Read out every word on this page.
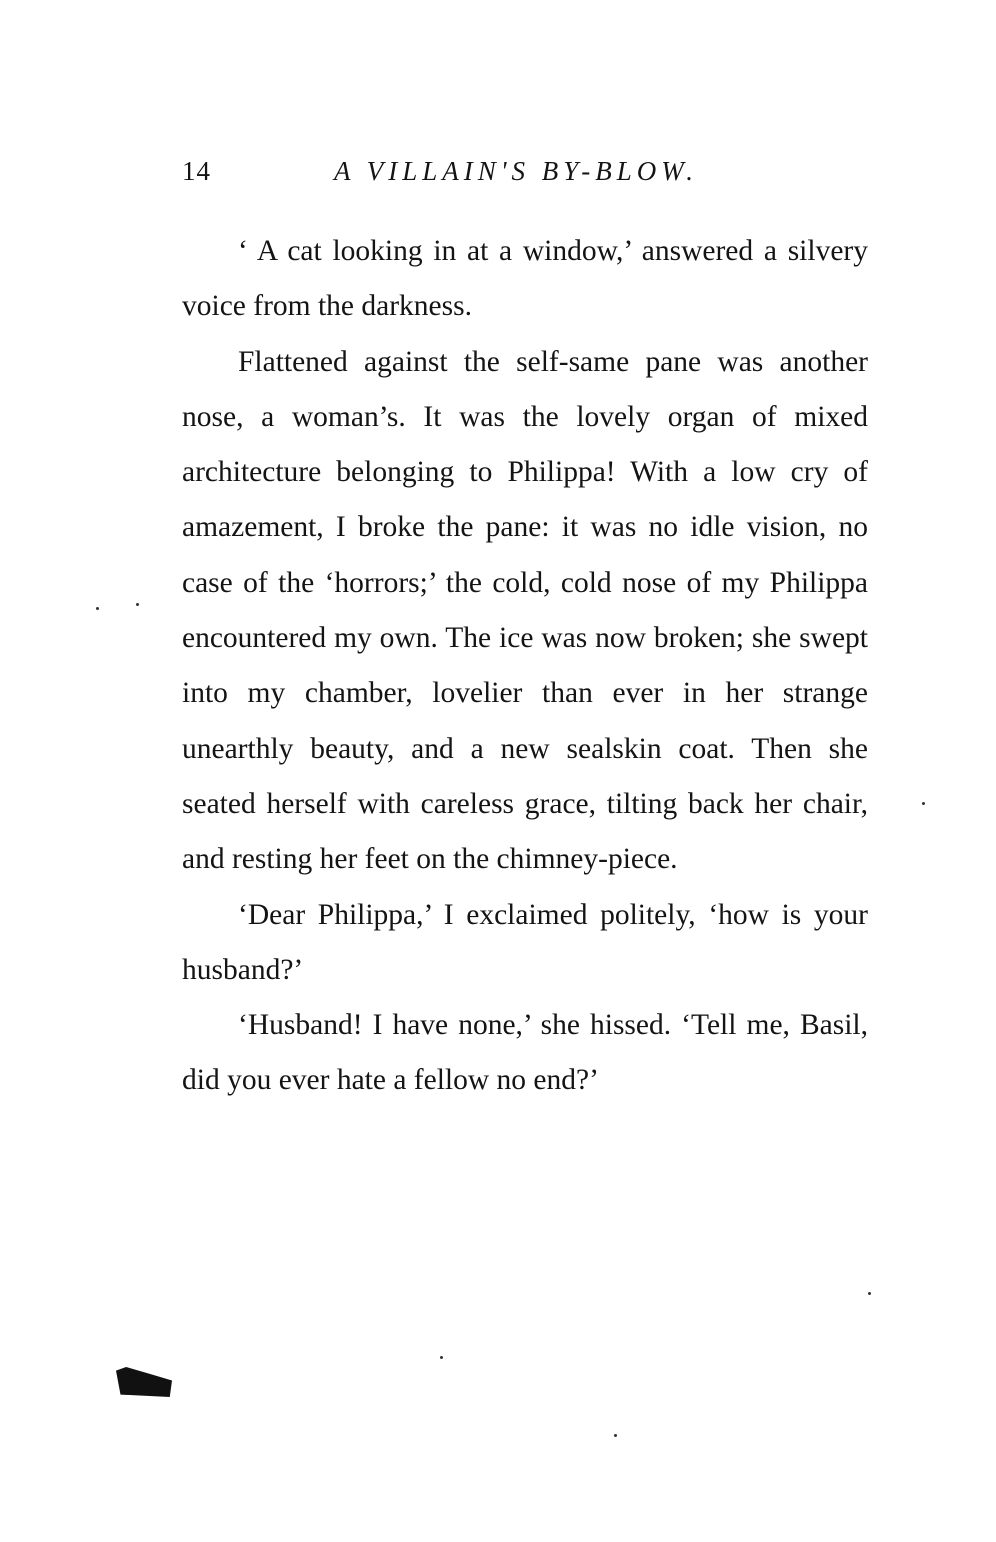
14	A VILLAIN'S BY-BLOW.

‘ A cat looking in at a window,’ answered a silvery voice from the darkness.

Flattened against the self-same pane was another nose, a woman’s. It was the lovely organ of mixed architecture belonging to Philippa! With a low cry of amazement, I broke the pane: it was no idle vision, no case of the ‘horrors;’ the cold, cold nose of my Philippa encountered my own. The ice was now broken; she swept into my chamber, lovelier than ever in her strange unearthly beauty, and a new sealskin coat. Then she seated herself with careless grace, tilting back her chair, and resting her feet on the chimney-piece.

‘Dear Philippa,’ I exclaimed politely, ‘how is your husband?’

‘Husband! I have none,’ she hissed. ‘Tell me, Basil, did you ever hate a fellow no end?’
